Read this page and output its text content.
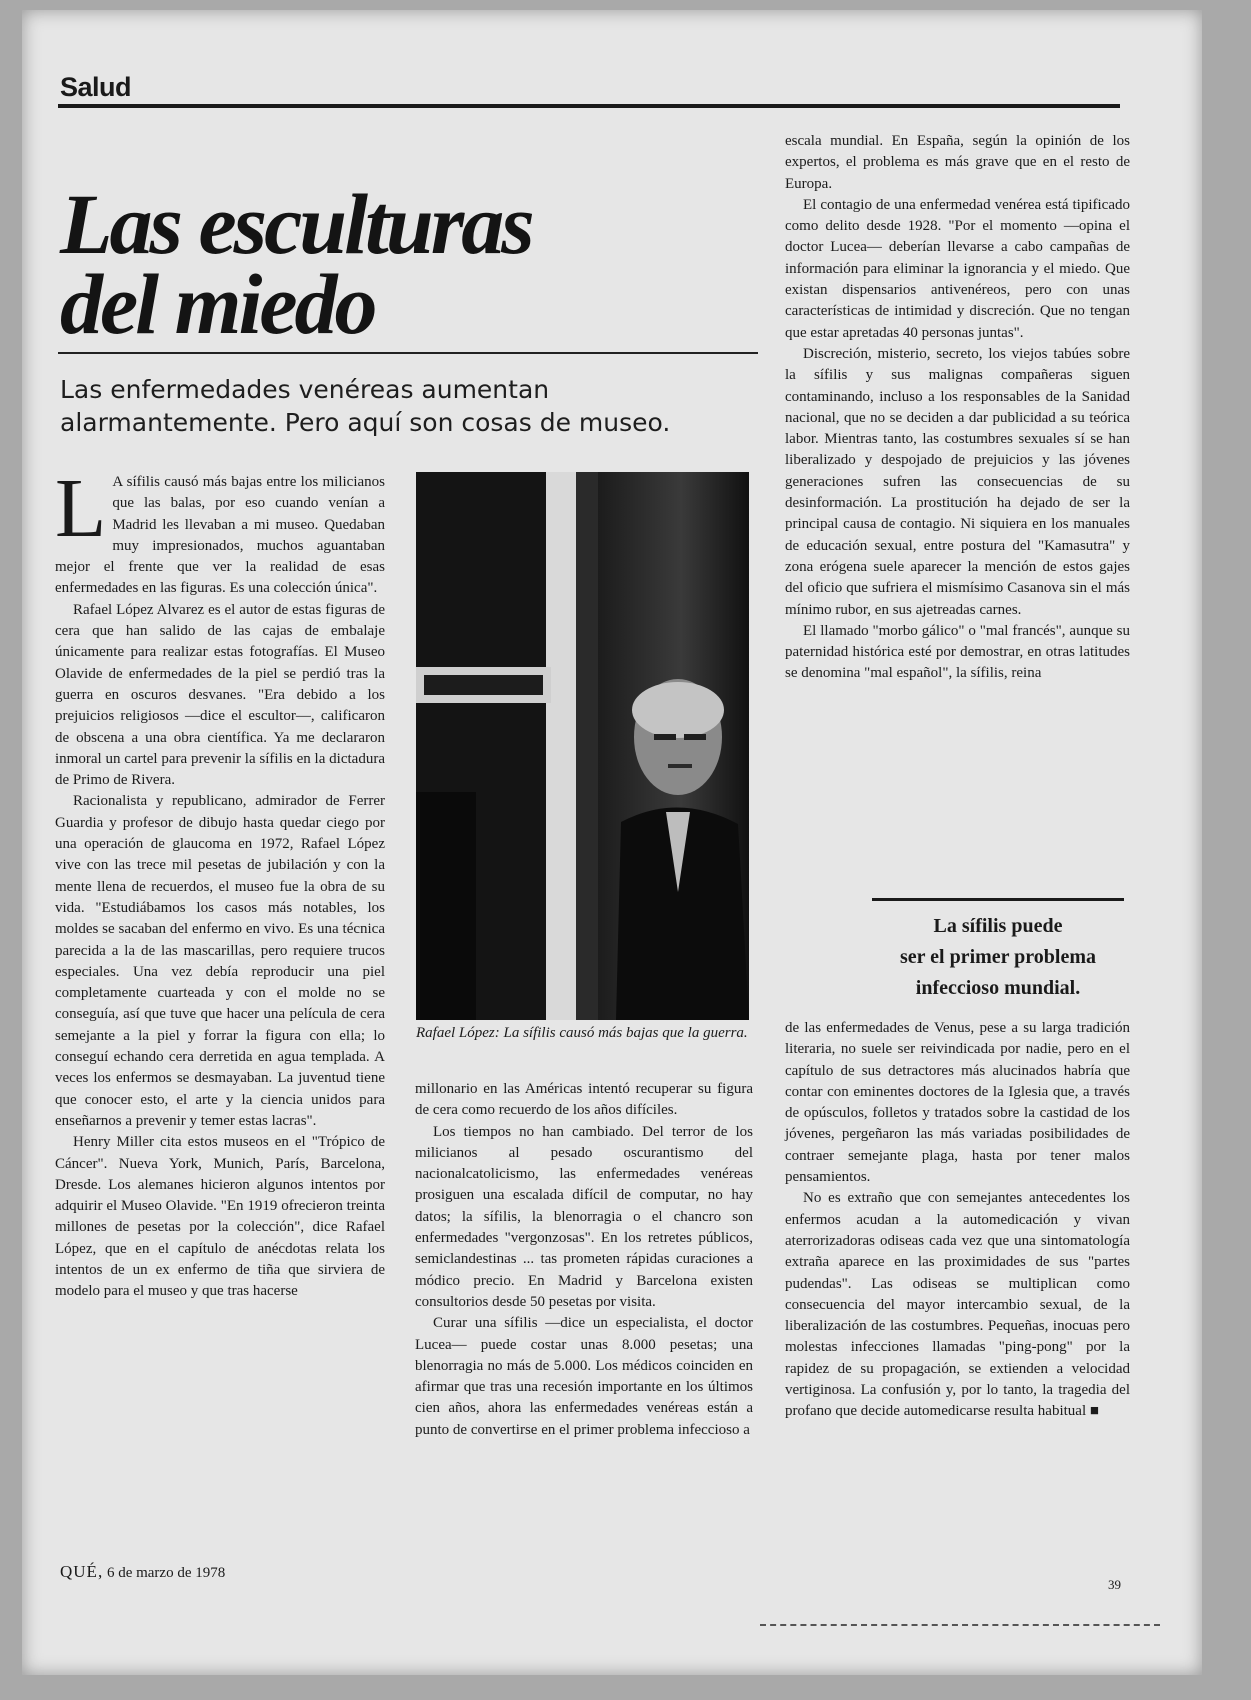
Salud
Las esculturas
del miedo
Las enfermedades venéreas aumentan
alarmantemente. Pero aquí son cosas de museo.

L A sífilis causó más bajas entre los milicianos que las balas, por eso cuando venían a Madrid les llevaban a mi museo. Quedaban muy impresionados, muchos aguantaban mejor el frente que ver la realidad de esas enfermedades en las figuras. Es una colección única".

Rafael López Alvarez es el autor de estas figuras de cera que han salido de las cajas de embalaje únicamente para realizar estas fotografías. El Museo Olavide de enfermedades de la piel se perdió tras la guerra en oscuros desvanes. "Era debido a los prejuicios religiosos —dice el escultor—, calificaron de obscena a una obra científica. Ya me declararon inmoral un cartel para prevenir la sífilis en la dictadura de Primo de Rivera.

Racionalista y republicano, admirador de Ferrer Guardia y profesor de dibujo hasta quedar ciego por una operación de glaucoma en 1972, Rafael López vive con las trece mil pesetas de jubilación y con la mente llena de recuerdos, el museo fue la obra de su vida. "Estudiábamos los casos más notables, los moldes se sacaban del enfermo en vivo. Es una técnica parecida a la de las mascarillas, pero requiere trucos especiales. Una vez debía reproducir una piel completamente cuarteada y con el molde no se conseguía, así que tuve que hacer una película de cera semejante a la piel y forrar la figura con ella; lo conseguí echando cera derretida en agua templada. A veces los enfermos se desmayaban. La juventud tiene que conocer esto, el arte y la ciencia unidos para enseñarnos a prevenir y temer estas lacras".

Henry Miller cita estos museos en el "Trópico de Cáncer". Nueva York, Munich, París, Barcelona, Dresde. Los alemanes hicieron algunos intentos por adquirir el Museo Olavide. "En 1919 ofrecieron treinta millones de pesetas por la colección", dice Rafael López, que en el capítulo de anécdotas relata los intentos de un ex enfermo de tiña que sirviera de modelo para el museo y que tras hacerse

Rafael López: La sífilis causó más bajas que la guerra.

millonario en las Américas intentó recuperar su figura de cera como recuerdo de los años difíciles.

Los tiempos no han cambiado. Del terror de los milicianos al pesado oscurantismo del nacionalcatolicismo, las enfermedades venéreas prosiguen una escalada difícil de computar, no hay datos; la sífilis, la blenorragia o el chancro son enfermedades "vergonzosas". En los retretes públicos, semiclandestinas ... tas prometen rápidas curaciones a módico precio. En Madrid y Barcelona existen consultorios desde 50 pesetas por visita.

Curar una sífilis —dice un especialista, el doctor Lucea— puede costar unas 8.000 pesetas; una blenorragia no más de 5.000. Los médicos coinciden en afirmar que tras una recesión importante en los últimos cien años, ahora las enfermedades venéreas están a punto de convertirse en el primer problema infeccioso a

escala mundial. En España, según la opinión de los expertos, el problema es más grave que en el resto de Europa.

El contagio de una enfermedad venérea está tipificado como delito desde 1928. "Por el momento —opina el doctor Lucea— deberían llevarse a cabo campañas de información para eliminar la ignorancia y el miedo. Que existan dispensarios antivenéreos, pero con unas características de intimidad y discreción. Que no tengan que estar apretadas 40 personas juntas".

Discreción, misterio, secreto, los viejos tabúes sobre la sífilis y sus malignas compañeras siguen contaminando, incluso a los responsables de la Sanidad nacional, que no se deciden a dar publicidad a su teórica labor. Mientras tanto, las costumbres sexuales sí se han liberalizado y despojado de prejuicios y las jóvenes generaciones sufren las consecuencias de su desinformación. La prostitución ha dejado de ser la principal causa de contagio. Ni siquiera en los manuales de educación sexual, entre postura del "Kamasutra" y zona erógena suele aparecer la mención de estos gajes del oficio que sufriera el mismísimo Casanova sin el más mínimo rubor, en sus ajetreadas carnes.

El llamado "morbo gálico" o "mal francés", aunque su paternidad histórica esté por demostrar, en otras latitudes se denomina "mal español", la sífilis, reina

La sífilis puede
ser el primer problema
infeccioso mundial.

de las enfermedades de Venus, pese a su larga tradición literaria, no suele ser reivindicada por nadie, pero en el capítulo de sus detractores más alucinados habría que contar con eminentes doctores de la Iglesia que, a través de opúsculos, folletos y tratados sobre la castidad de los jóvenes, pergeñaron las más variadas posibilidades de contraer semejante plaga, hasta por tener malos pensamientos.

No es extraño que con semejantes antecedentes los enfermos acudan a la automedicación y vivan aterrorizadoras odiseas cada vez que una sintomatología extraña aparece en las proximidades de sus "partes pudendas". Las odiseas se multiplican como consecuencia del mayor intercambio sexual, de la liberalización de las costumbres. Pequeñas, inocuas pero molestas infecciones llamadas "ping-pong" por la rapidez de su propagación, se extienden a velocidad vertiginosa. La confusión y, por lo tanto, la tragedia del profano que decide automedicarse resulta habitual ■

QUÉ, 6 de marzo de 1978
39
